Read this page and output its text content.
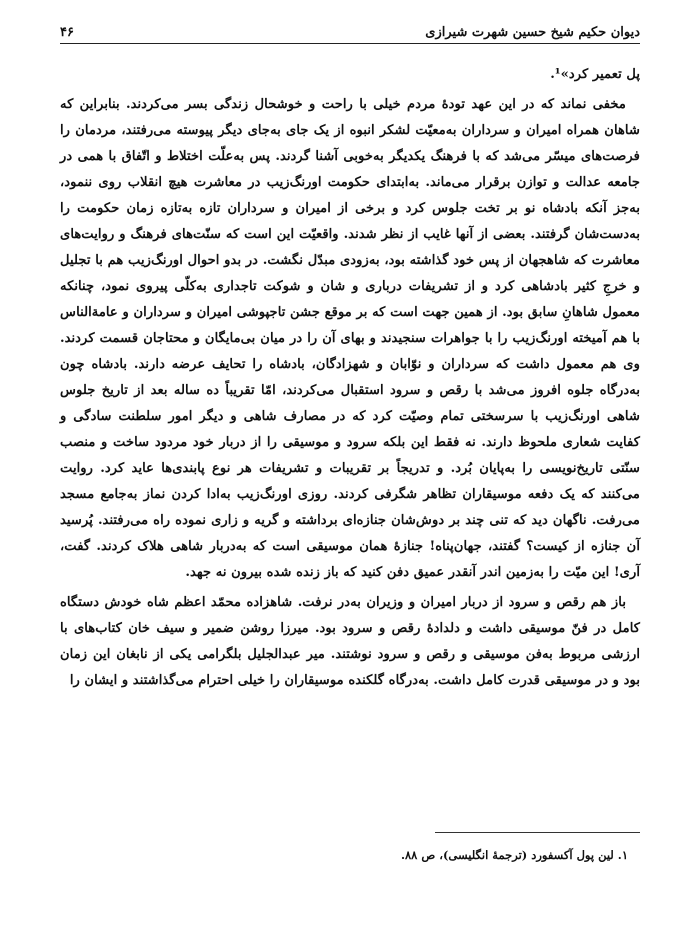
دیوان حکیم شیخ حسین شهرت شیرازی
۴۶

پل تعمیر کرد»¹.

مخفی نماند که در این عهد تودهٔ مردم خیلی با راحت و خوشحال زندگی بسر می‌کردند. بنابراین که شاهان همراه امیران و سرداران به‌معیّت لشکر انبوه از یک جای به‌جای دیگر پیوسته می‌رفتند، مردمان را فرصت‌های میسّر می‌شد که با فرهنگ یکدیگر به‌خوبی آشنا گردند. پس به‌علّت اختلاط و اتّفاق با همی در جامعه عدالت و توازن برقرار می‌ماند. به‌ابتدای حکومت اورنگ‌زیب در معاشرت هیچ انقلاب روی ننمود، به‌جز آنکه بادشاه نو بر تخت جلوس کرد و برخی از امیران و سرداران تازه به‌تازه زمان حکومت را به‌دست‌شان گرفتند. بعضی از آنها غایب از نظر شدند. واقعیّت این است که سنّت‌های فرهنگ و روایت‌های معاشرت که شاهجهان از پس خود گذاشته بود، به‌زودی مبدّل نگشت. در بدو احوال اورنگ‌زیب هم با تجلیل و خرجِ کثیر بادشاهی کرد و از تشریفات درباری و شان و شوکت تاجداری به‌کلّی پیروی نمود، چنانکه معمول شاهانِ سابق بود. از همین جهت است که بر موقع جشن تاجپوشی امیران و سرداران و عامة‌الناس با هم آمیخته اورنگ‌زیب را با جواهرات سنجیدند و بهای آن را در میان بی‌مایگان و محتاجان قسمت کردند. وی هم معمول داشت که سرداران و نوّابان و شهزادگان، بادشاه را تحایف عرضه دارند. بادشاه چون به‌درگاه جلوه افروز می‌شد با رقص و سرود استقبال می‌کردند، امّا تقریباً ده ساله بعد از تاریخ جلوس شاهی اورنگ‌زیب با سرسختی تمام وصیّت کرد که در مصارف شاهی و دیگر امور سلطنت سادگی و کفایت شعاری ملحوظ دارند. نه فقط این بلکه سرود و موسیقی را از دربار خود مردود ساخت و منصب سنّتی تاریخ‌نویسی را به‌پایان بُرد. و تدریجاً بر تقریبات و تشریفات هر نوع پابندی‌ها عاید کرد. روایت می‌کنند که یک دفعه موسیقاران تظاهر شگرفی کردند. روزی اورنگ‌زیب به‌ادا کردن نماز به‌جامع مسجد می‌رفت. ناگهان دید که تنی چند بر دوش‌شان جنازه‌ای برداشته و گریه و زاری نموده راه می‌رفتند. پُرسید آن جنازه از کیست؟ گفتند، جهان‌پناه! جنازهٔ همان موسیقی است که به‌دربار شاهی هلاک کردند. گفت، آری! این میّت را به‌زمین اندر آنقدر عمیق دفن کنید که باز زنده شده بیرون نه جهد.

باز هم رقص و سرود از دربار امیران و وزیران به‌در نرفت. شاهزاده محمّد اعظم شاه خودش دستگاه کامل در فنّ موسیقی داشت و دلدادهٔ رقص و سرود بود. میرزا روشن ضمیر و سیف خان کتاب‌های با ارزشی مربوط به‌فن موسیقی و رقص و سرود نوشتند. میر عبدالجلیل بلگرامی یکی از نابغان این زمان بود و در موسیقی قدرت کامل داشت. به‌درگاه گلکنده موسیقاران را خیلی احترام می‌گذاشتند و ایشان را

۱. لین پول آکسفورد (ترجمهٔ انگلیسی)، ص ۸۸.
